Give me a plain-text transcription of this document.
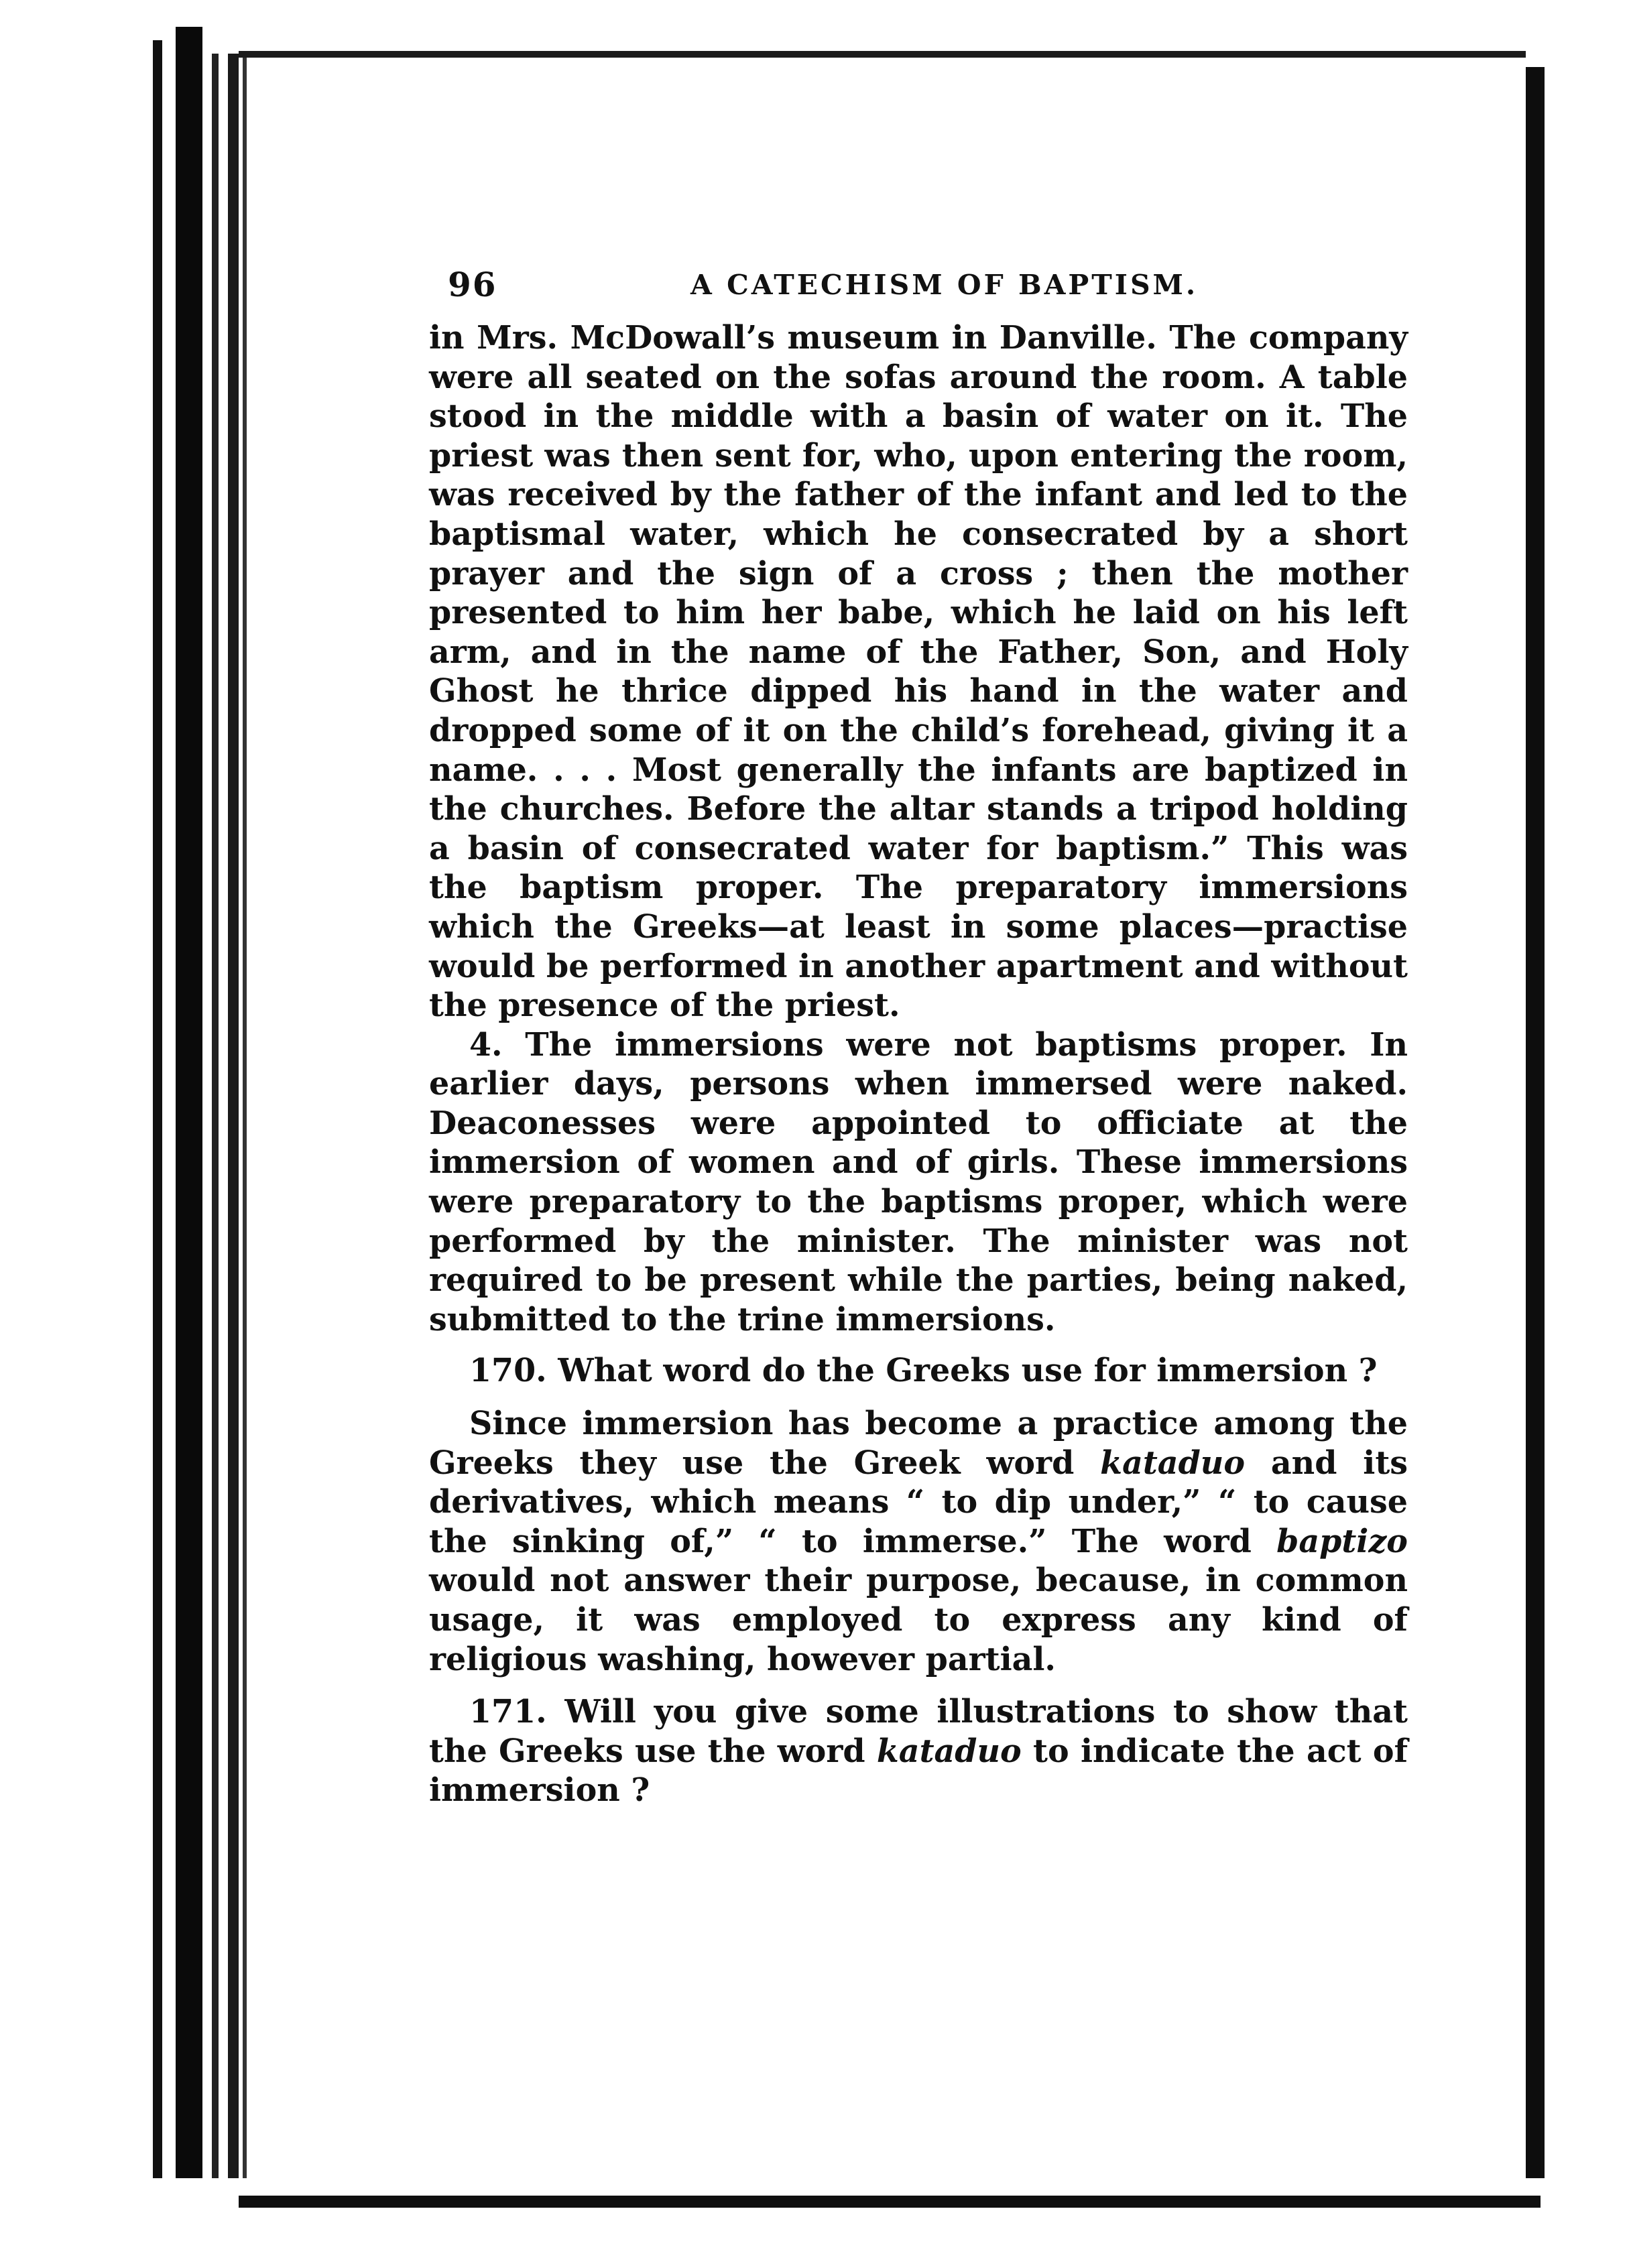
96	A CATECHISM OF BAPTISM.

in Mrs. McDowall’s museum in Danville. The company were all seated on the sofas around the room. A table stood in the middle with a basin of water on it. The priest was then sent for, who, upon entering the room, was received by the father of the infant and led to the baptismal water, which he consecrated by a short prayer and the sign of a cross ; then the mother presented to him her babe, which he laid on his left arm, and in the name of the Father, Son, and Holy Ghost he thrice dipped his hand in the water and dropped some of it on the child’s forehead, giving it a name. . . . Most generally the infants are baptized in the churches. Before the altar stands a tripod holding a basin of consecrated water for baptism.” This was the baptism proper. The preparatory immersions which the Greeks—at least in some places—practise would be performed in another apartment and without the presence of the priest.

4. The immersions were not baptisms proper. In earlier days, persons when immersed were naked. Deaconesses were appointed to officiate at the immersion of women and of girls. These immersions were preparatory to the baptisms proper, which were performed by the minister. The minister was not required to be present while the parties, being naked, submitted to the trine immersions.

170. What word do the Greeks use for immersion ?

Since immersion has become a practice among the Greeks they use the Greek word kataduo and its derivatives, which means “ to dip under,” “ to cause the sinking of,” “ to immerse.” The word baptizo would not answer their purpose, because, in common usage, it was employed to express any kind of religious washing, however partial.

171. Will you give some illustrations to show that the Greeks use the word kataduo to indicate the act of immersion ?
